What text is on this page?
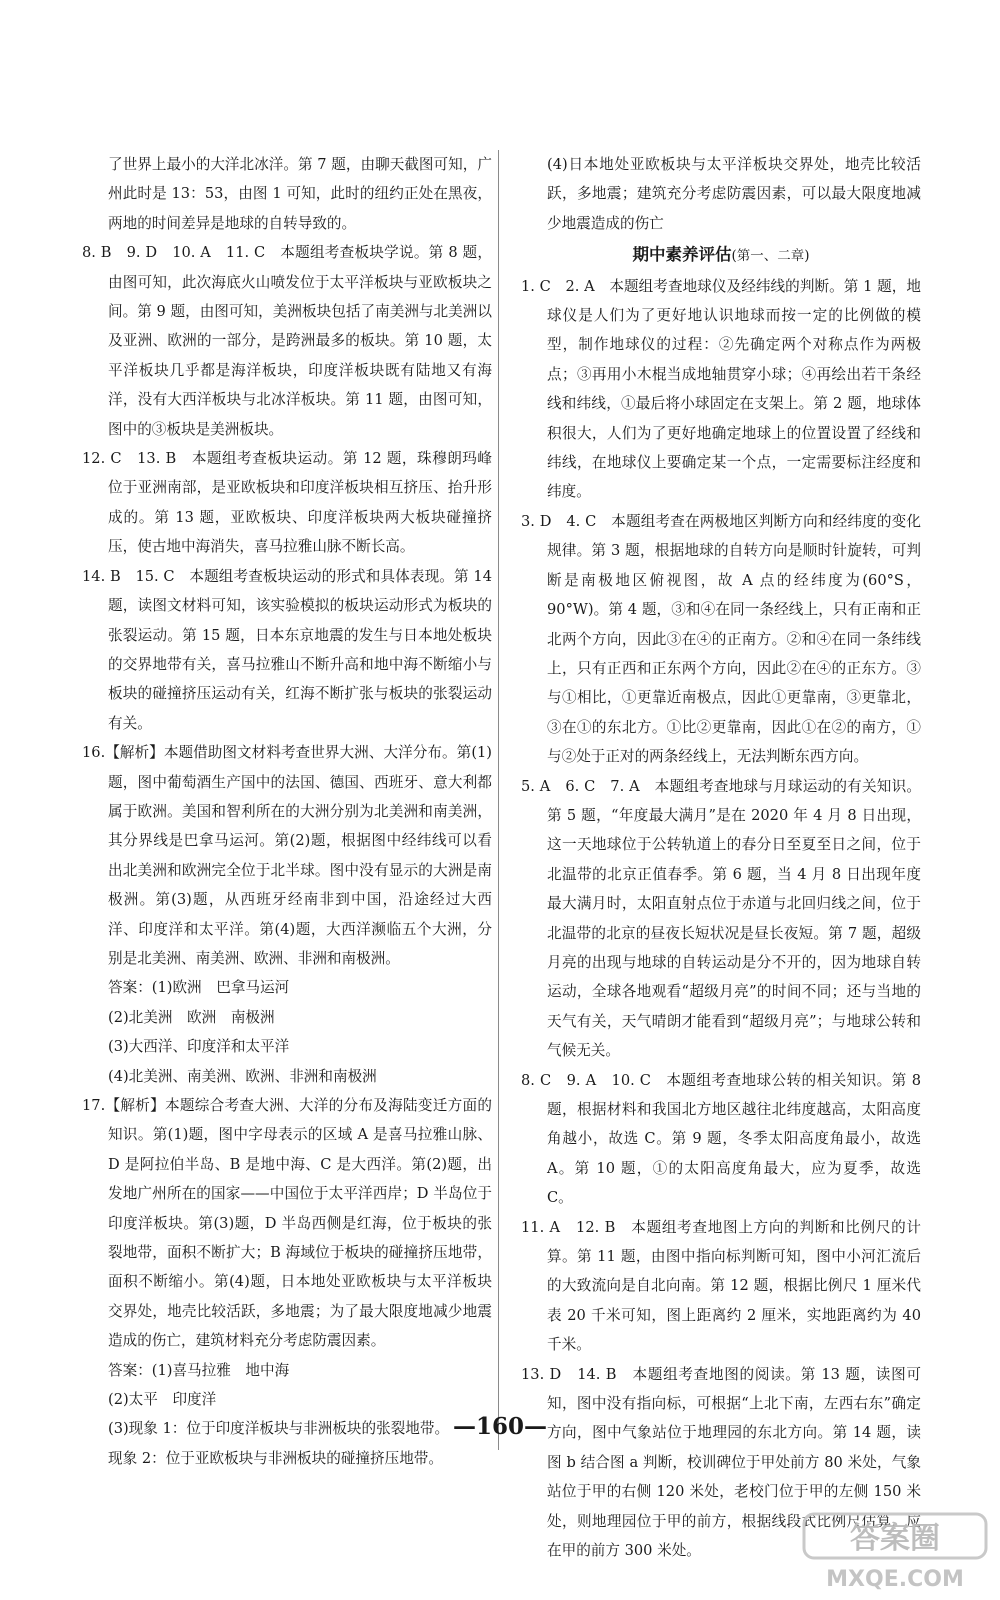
了世界上最小的大洋北冰洋。第 7 题，由聊天截图可知，广州此时是 13：53，由图 1 可知，此时的纽约正处在黑夜，两地的时间差异是地球的自转导致的。

8. B　9. D　10. A　11. C　本题组考查板块学说。第 8 题，由图可知，此次海底火山喷发位于太平洋板块与亚欧板块之间。第 9 题，由图可知，美洲板块包括了南美洲与北美洲以及亚洲、欧洲的一部分，是跨洲最多的板块。第 10 题，太平洋板块几乎都是海洋板块，印度洋板块既有陆地又有海洋，没有大西洋板块与北冰洋板块。第 11 题，由图可知，图中的③板块是美洲板块。

12. C　13. B　本题组考查板块运动。第 12 题，珠穆朗玛峰位于亚洲南部，是亚欧板块和印度洋板块相互挤压、抬升形成的。第 13 题，亚欧板块、印度洋板块两大板块碰撞挤压，使古地中海消失，喜马拉雅山脉不断长高。

14. B　15. C　本题组考查板块运动的形式和具体表现。第 14 题，读图文材料可知，该实验模拟的板块运动形式为板块的张裂运动。第 15 题，日本东京地震的发生与日本地处板块的交界地带有关，喜马拉雅山不断升高和地中海不断缩小与板块的碰撞挤压运动有关，红海不断扩张与板块的张裂运动有关。

16.【解析】本题借助图文材料考查世界大洲、大洋分布。第(1)题，图中葡萄酒生产国中的法国、德国、西班牙、意大利都属于欧洲。美国和智利所在的大洲分别为北美洲和南美洲，其分界线是巴拿马运河。第(2)题，根据图中经纬线可以看出北美洲和欧洲完全位于北半球。图中没有显示的大洲是南极洲。第(3)题，从西班牙经南非到中国，沿途经过大西洋、印度洋和太平洋。第(4)题，大西洋濒临五个大洲，分别是北美洲、南美洲、欧洲、非洲和南极洲。

答案：(1)欧洲　巴拿马运河

(2)北美洲　欧洲　南极洲

(3)大西洋、印度洋和太平洋

(4)北美洲、南美洲、欧洲、非洲和南极洲

17.【解析】本题综合考查大洲、大洋的分布及海陆变迁方面的知识。第(1)题，图中字母表示的区域 A 是喜马拉雅山脉、D 是阿拉伯半岛、B 是地中海、C 是大西洋。第(2)题，出发地广州所在的国家——中国位于太平洋西岸；D 半岛位于印度洋板块。第(3)题，D 半岛西侧是红海，位于板块的张裂地带，面积不断扩大；B 海域位于板块的碰撞挤压地带，面积不断缩小。第(4)题，日本地处亚欧板块与太平洋板块交界处，地壳比较活跃，多地震；为了最大限度地减少地震造成的伤亡，建筑材料充分考虑防震因素。

答案：(1)喜马拉雅　地中海

(2)太平　印度洋

(3)现象 1：位于印度洋板块与非洲板块的张裂地带。

现象 2：位于亚欧板块与非洲板块的碰撞挤压地带。

(4)日本地处亚欧板块与太平洋板块交界处，地壳比较活跃，多地震；建筑充分考虑防震因素，可以最大限度地减少地震造成的伤亡

期中素养评估(第一、二章)

1. C　2. A　本题组考查地球仪及经纬线的判断。第 1 题，地球仪是人们为了更好地认识地球而按一定的比例做的模型，制作地球仪的过程：②先确定两个对称点作为两极点；③再用小木棍当成地轴贯穿小球；④再绘出若干条经线和纬线，①最后将小球固定在支架上。第 2 题，地球体积很大，人们为了更好地确定地球上的位置设置了经线和纬线，在地球仪上要确定某一个点，一定需要标注经度和纬度。

3. D　4. C　本题组考查在两极地区判断方向和经纬度的变化规律。第 3 题，根据地球的自转方向是顺时针旋转，可判断是南极地区俯视图，故 A 点的经纬度为(60°S，90°W)。第 4 题，③和④在同一条经线上，只有正南和正北两个方向，因此③在④的正南方。②和④在同一条纬线上，只有正西和正东两个方向，因此②在④的正东方。③与①相比，①更靠近南极点，因此①更靠南，③更靠北，③在①的东北方。①比②更靠南，因此①在②的南方，①与②处于正对的两条经线上，无法判断东西方向。

5. A　6. C　7. A　本题组考查地球与月球运动的有关知识。第 5 题，“年度最大满月”是在 2020 年 4 月 8 日出现，这一天地球位于公转轨道上的春分日至夏至日之间，位于北温带的北京正值春季。第 6 题，当 4 月 8 日出现年度最大满月时，太阳直射点位于赤道与北回归线之间，位于北温带的北京的昼夜长短状况是昼长夜短。第 7 题，超级月亮的出现与地球的自转运动是分不开的，因为地球自转运动，全球各地观看“超级月亮”的时间不同；还与当地的天气有关，天气晴朗才能看到“超级月亮”；与地球公转和气候无关。

8. C　9. A　10. C　本题组考查地球公转的相关知识。第 8 题，根据材料和我国北方地区越往北纬度越高，太阳高度角越小，故选 C。第 9 题，冬季太阳高度角最小，故选 A。第 10 题，①的太阳高度角最大，应为夏季，故选 C。

11. A　12. B　本题组考查地图上方向的判断和比例尺的计算。第 11 题，由图中指向标判断可知，图中小河汇流后的大致流向是自北向南。第 12 题，根据比例尺 1 厘米代表 20 千米可知，图上距离约 2 厘米，实地距离约为 40 千米。

13. D　14. B　本题组考查地图的阅读。第 13 题，读图可知，图中没有指向标，可根据“上北下南，左西右东”确定方向，图中气象站位于地理园的东北方向。第 14 题，读图 b 结合图 a 判断，校训碑位于甲处前方 80 米处，气象站位于甲的右侧 120 米处，老校门位于甲的左侧 150 米处，则地理园位于甲的前方，根据线段式比例尺估算，应在甲的前方 300 米处。

—160—
答案圈
MXQE.COM
